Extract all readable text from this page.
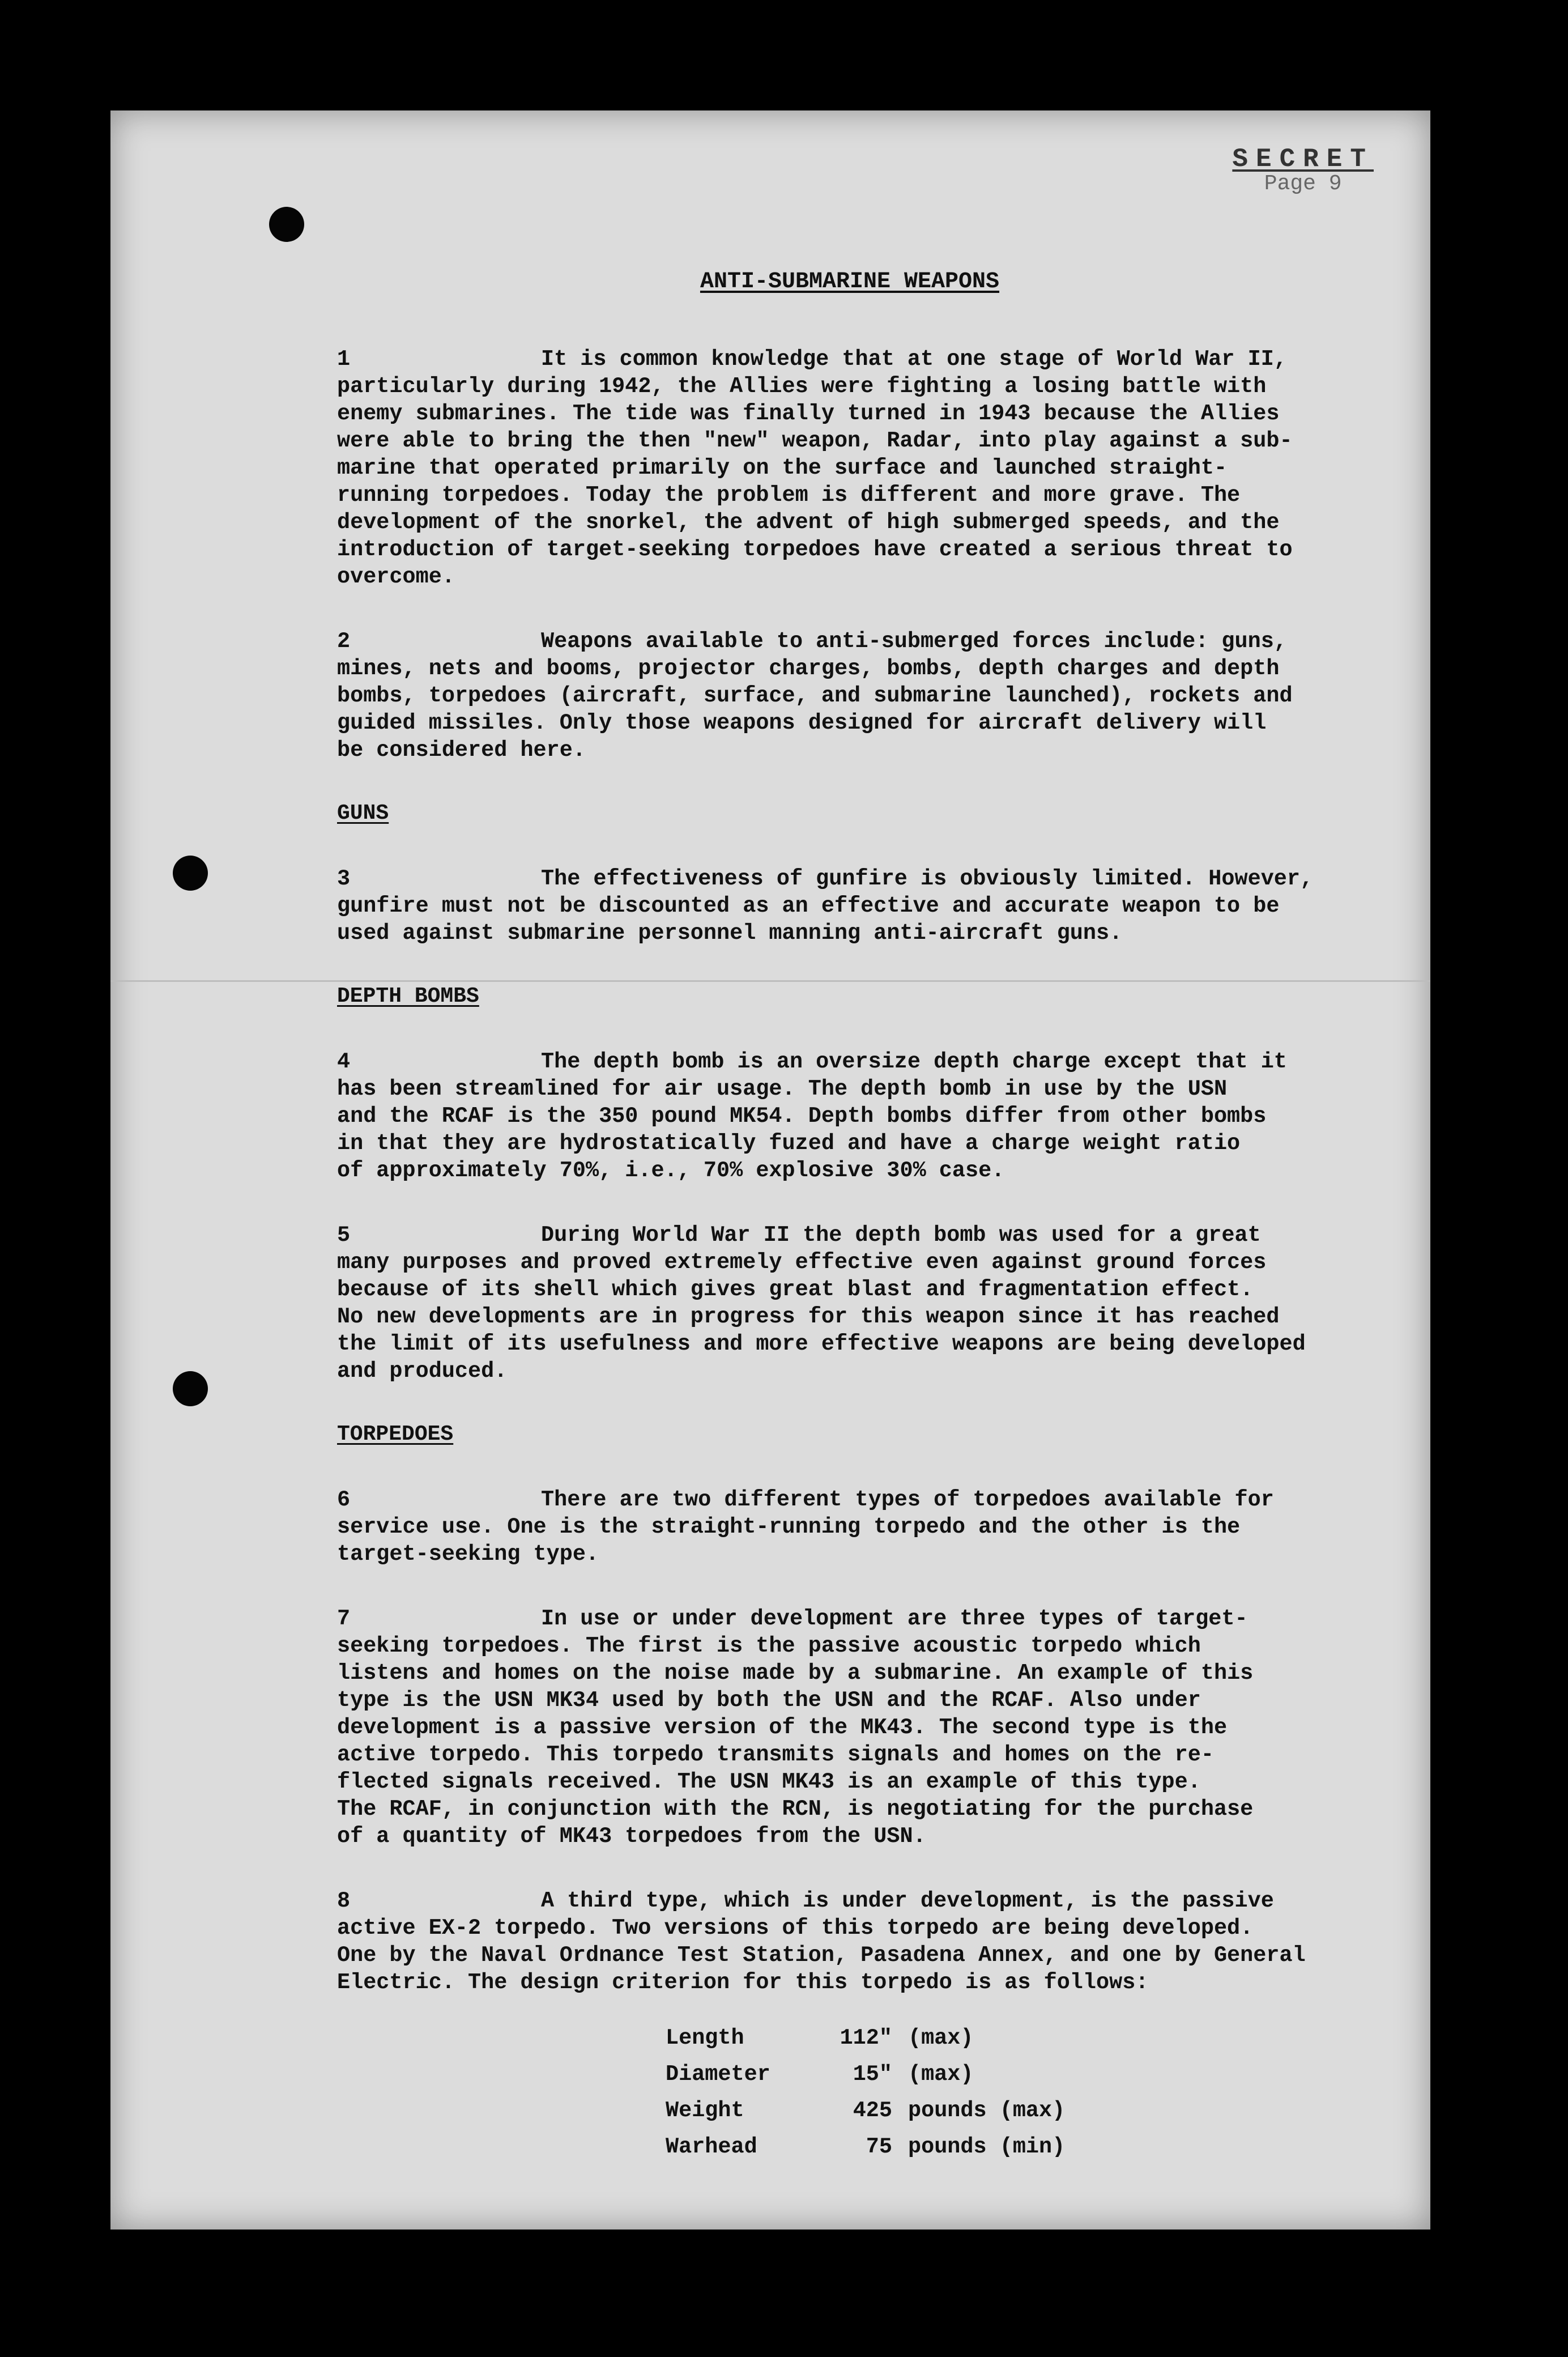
SECRET
Page 9
ANTI-SUBMARINE WEAPONS

1	It is common knowledge that at one stage of World War II,
particularly during 1942, the Allies were fighting a losing battle with
enemy submarines. The tide was finally turned in 1943 because the Allies
were able to bring the then "new" weapon, Radar, into play against a sub-
marine that operated primarily on the surface and launched straight-
running torpedoes. Today the problem is different and more grave. The
development of the snorkel, the advent of high submerged speeds, and the
introduction of target-seeking torpedoes have created a serious threat to
overcome.

2	Weapons available to anti-submerged forces include: guns,
mines, nets and booms, projector charges, bombs, depth charges and depth
bombs, torpedoes (aircraft, surface, and submarine launched), rockets and
guided missiles. Only those weapons designed for aircraft delivery will
be considered here.

GUNS

3	The effectiveness of gunfire is obviously limited. However,
gunfire must not be discounted as an effective and accurate weapon to be
used against submarine personnel manning anti-aircraft guns.

DEPTH BOMBS

4	The depth bomb is an oversize depth charge except that it
has been streamlined for air usage. The depth bomb in use by the USN
and the RCAF is the 350 pound MK54. Depth bombs differ from other bombs
in that they are hydrostatically fuzed and have a charge weight ratio
of approximately 70%, i.e., 70% explosive 30% case.

5	During World War II the depth bomb was used for a great
many purposes and proved extremely effective even against ground forces
because of its shell which gives great blast and fragmentation effect.
No new developments are in progress for this weapon since it has reached
the limit of its usefulness and more effective weapons are being developed
and produced.

TORPEDOES

6	There are two different types of torpedoes available for
service use. One is the straight-running torpedo and the other is the
target-seeking type.

7	In use or under development are three types of target-
seeking torpedoes. The first is the passive acoustic torpedo which
listens and homes on the noise made by a submarine. An example of this
type is the USN MK34 used by both the USN and the RCAF. Also under
development is a passive version of the MK43. The second type is the
active torpedo. This torpedo transmits signals and homes on the re-
flected signals received. The USN MK43 is an example of this type.
The RCAF, in conjunction with the RCN, is negotiating for the purchase
of a quantity of MK43 torpedoes from the USN.

8	A third type, which is under development, is the passive
active EX-2 torpedo. Two versions of this torpedo are being developed.
One by the Naval Ordnance Test Station, Pasadena Annex, and one by General
Electric. The design criterion for this torpedo is as follows:

Length	112"	(max)
Diameter	15"	(max)
Weight	425	pounds (max)
Warhead	75	pounds (min)
